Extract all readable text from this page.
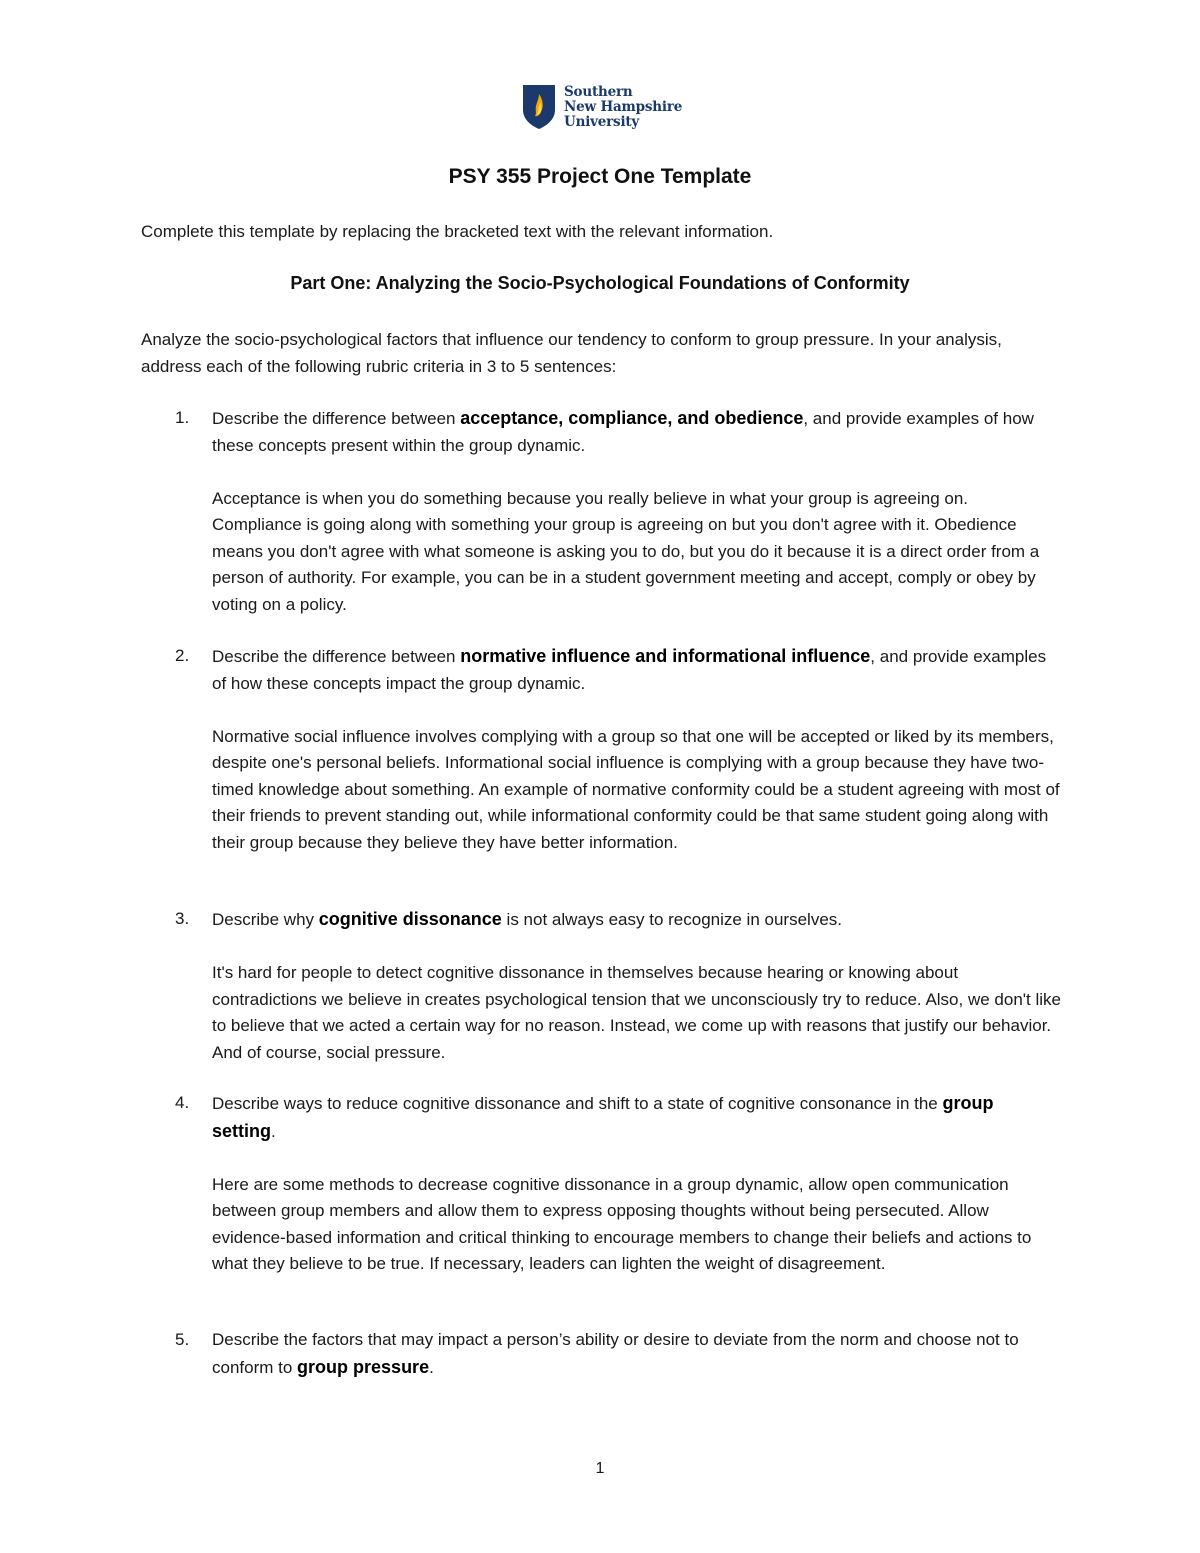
Southern
New Hampshire
University
PSY 355 Project One Template
Complete this template by replacing the bracketed text with the relevant information.
Part One: Analyzing the Socio-Psychological Foundations of Conformity
Analyze the socio-psychological factors that influence our tendency to conform to group pressure. In your analysis, address each of the following rubric criteria in 3 to 5 sentences:
1. Describe the difference between acceptance, compliance, and obedience, and provide examples of how these concepts present within the group dynamic.
Acceptance is when you do something because you really believe in what your group is agreeing on. Compliance is going along with something your group is agreeing on but you don't agree with it. Obedience means you don't agree with what someone is asking you to do, but you do it because it is a direct order from a person of authority. For example, you can be in a student government meeting and accept, comply or obey by voting on a policy.
2. Describe the difference between normative influence and informational influence, and provide examples of how these concepts impact the group dynamic.
Normative social influence involves complying with a group so that one will be accepted or liked by its members, despite one's personal beliefs. Informational social influence is complying with a group because they have two-timed knowledge about something. An example of normative conformity could be a student agreeing with most of their friends to prevent standing out, while informational conformity could be that same student going along with their group because they believe they have better information.
3. Describe why cognitive dissonance is not always easy to recognize in ourselves.
It's hard for people to detect cognitive dissonance in themselves because hearing or knowing about contradictions we believe in creates psychological tension that we unconsciously try to reduce. Also, we don't like to believe that we acted a certain way for no reason. Instead, we come up with reasons that justify our behavior. And of course, social pressure.
4. Describe ways to reduce cognitive dissonance and shift to a state of cognitive consonance in the group setting.
Here are some methods to decrease cognitive dissonance in a group dynamic, allow open communication between group members and allow them to express opposing thoughts without being persecuted. Allow evidence-based information and critical thinking to encourage members to change their beliefs and actions to what they believe to be true. If necessary, leaders can lighten the weight of disagreement.
5. Describe the factors that may impact a person’s ability or desire to deviate from the norm and choose not to conform to group pressure.
1
